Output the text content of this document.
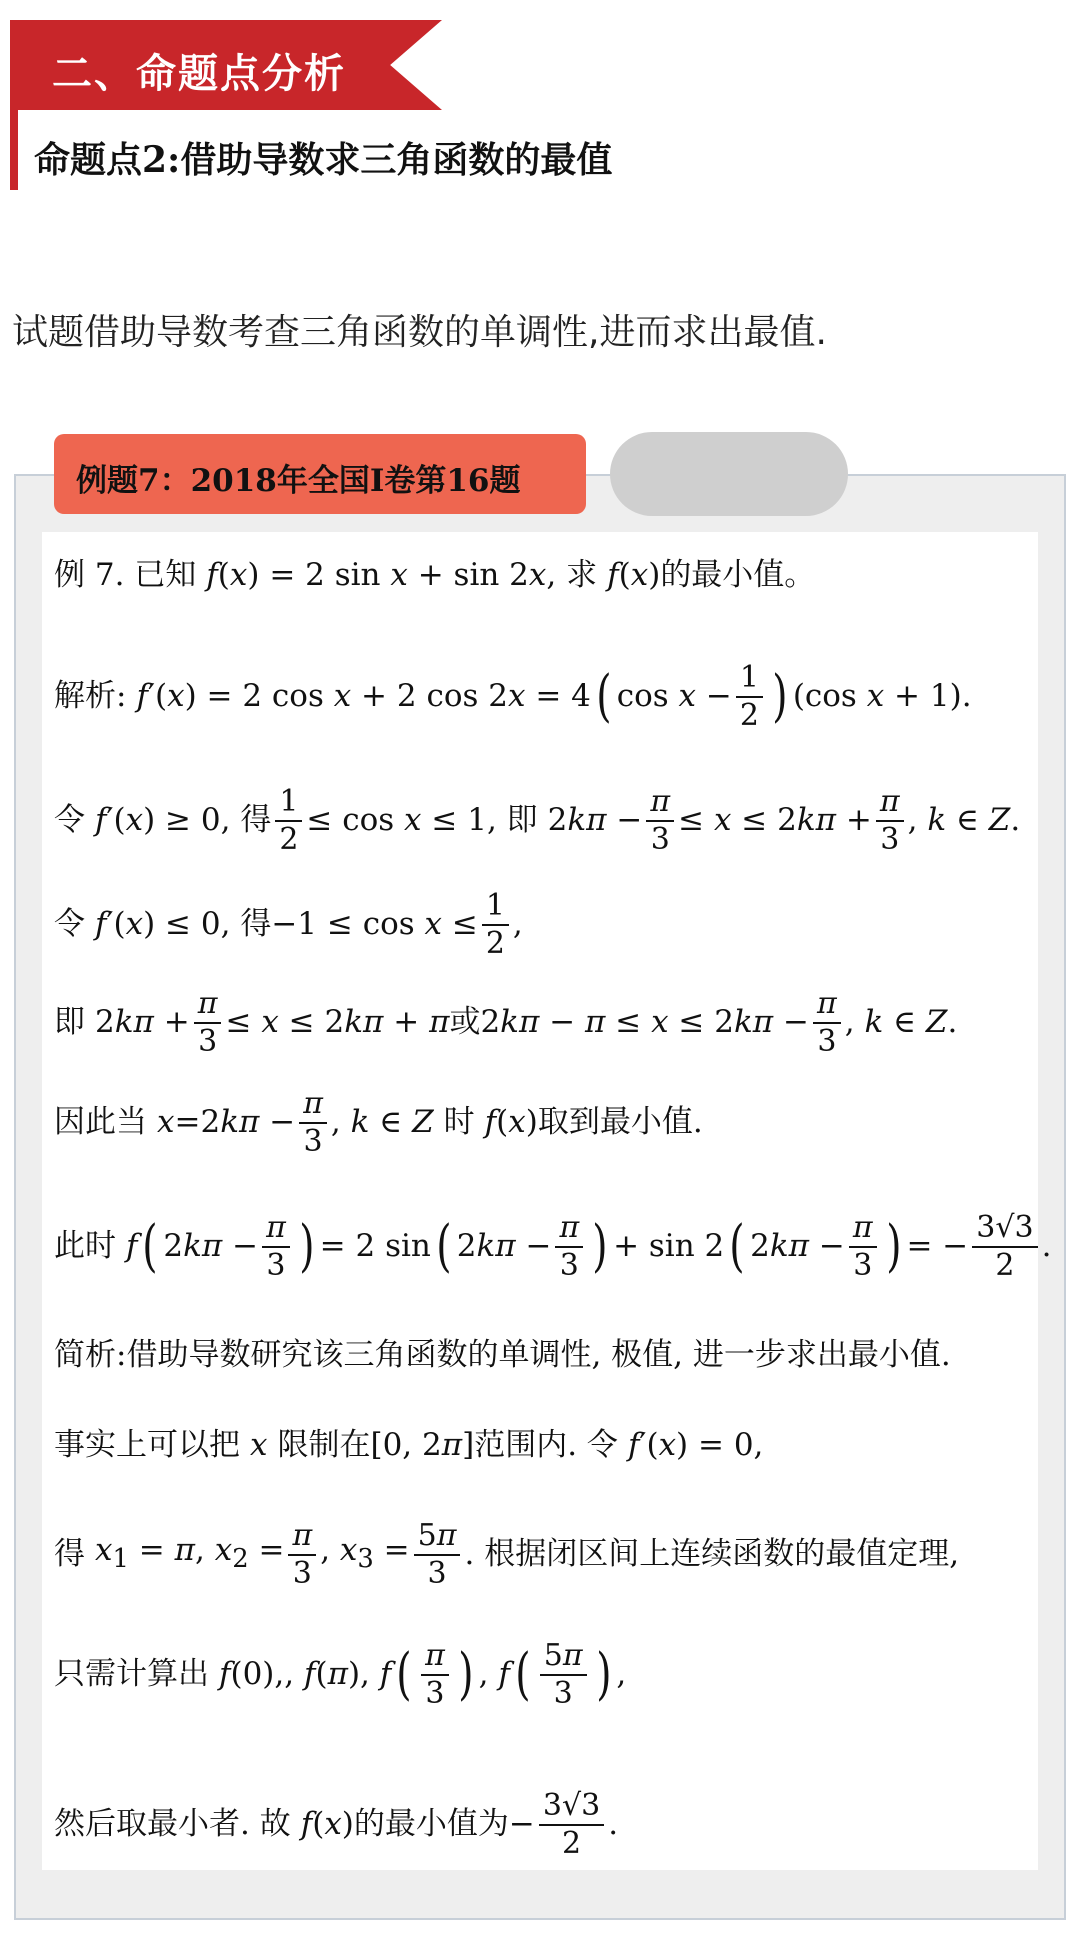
二、命题点分析
命题点2:借助导数求三角函数的最值
试题借助导数考查三角函数的单调性,进而求出最值.
例题7：2018年全国I卷第16题
例 7. 已知 f(x) = 2 sin x + sin 2x , 求 f(x) 的最小值。
解析: f′(x) = 2 cos x + 2 cos 2x = 4 ( $\cos x - \frac{1}{2}$ ) (cos x + 1).
令 f′(x) ≥ 0 , 得 $\frac{1}{2} \le \cos x \le 1$ , 即 $2k\pi - \frac{\pi}{3} \le x \le 2k\pi + \frac{\pi}{3}$ , k ∈ Z.
令 f′(x) ≤ 0 , 得 $-1 \le \cos x \le \frac{1}{2}$ ,
即 $2k\pi + \frac{\pi}{3} \le x \le 2k\pi + \pi$ 或 $2k\pi - \pi \le x \le 2k\pi - \frac{\pi}{3}$ , k ∈ Z.
因此当 $x=2k\pi - \frac{\pi}{3}$ , k ∈ Z 时 f(x) 取到最小值.
此时 f ( $2k\pi - \frac{\pi}{3}$ ) = 2 sin ( $2k\pi - \frac{\pi}{3}$ ) + sin 2 ( $2k\pi - \frac{\pi}{3}$ ) = − $\frac{3√3}{2}$ .
简析:借助导数研究该三角函数的单调性, 极值, 进一步求出最小值.
事实上可以把 x 限制在 [0, 2π] 范围内. 令 f′(x) = 0,
得 $x_1 = \pi$, $x_2 = \frac{\pi}{3}$ , $x_3 = \frac{5\pi}{3}$ . 根据闭区间上连续函数的最值定理,
只需计算出 f(0),, f(π), f ( $\frac{\pi}{3}$ ) , f ( $\frac{5\pi}{3}$ ) ,
然后取最小者. 故 f(x) 的最小值为 − $\frac{3√3}{2}$ .
